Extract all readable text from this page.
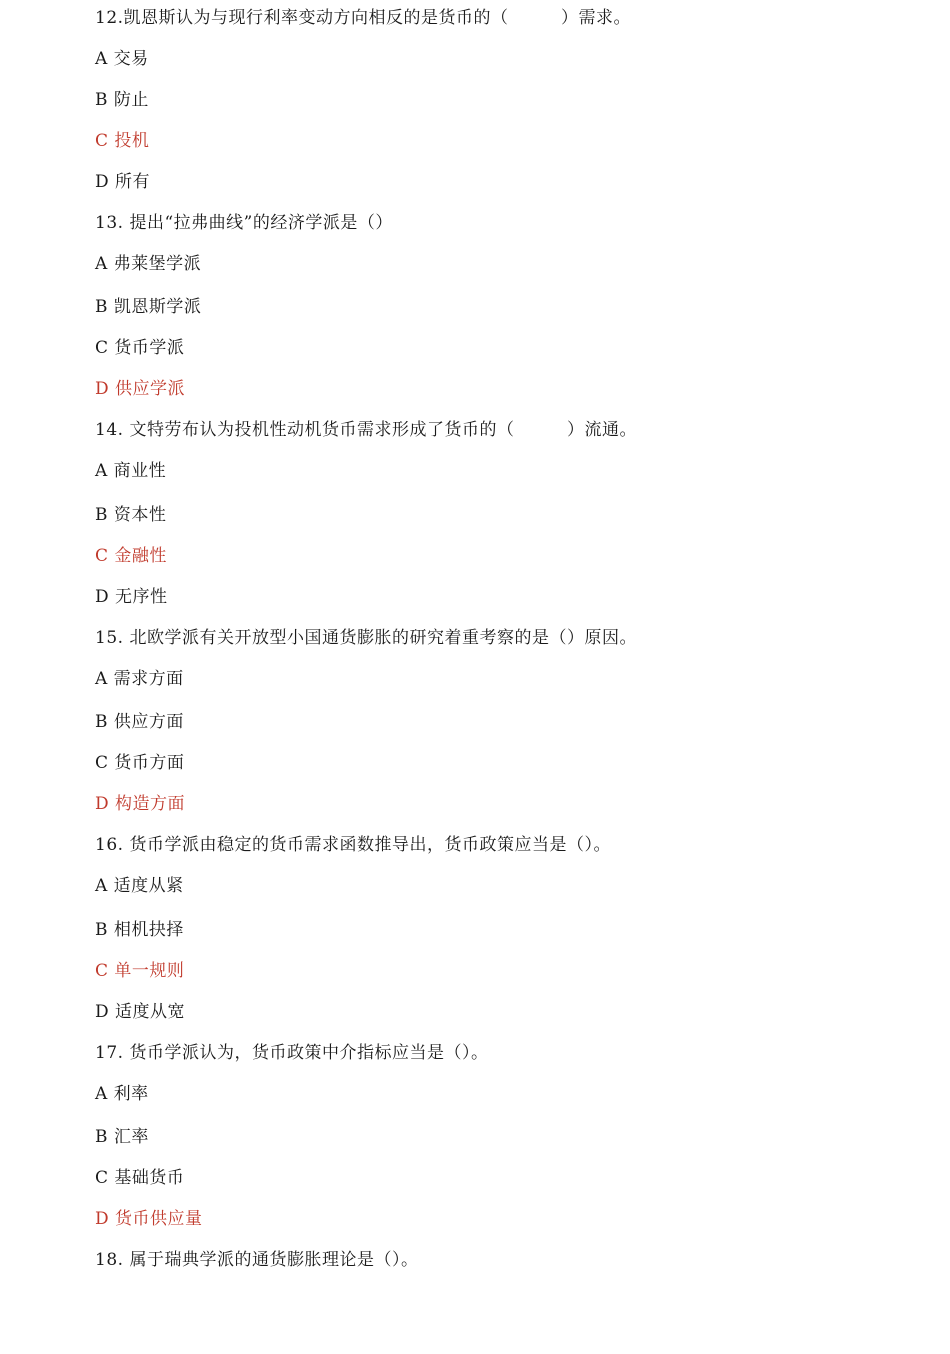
12.凯恩斯认为与现行利率变动方向相反的是货币的（　　　）需求。
A 交易
B 防止
C 投机
D 所有
13. 提出“拉弗曲线”的经济学派是（）
A 弗莱堡学派
B 凯恩斯学派
C 货币学派
D 供应学派
14. 文特劳布认为投机性动机货币需求形成了货币的（　　　）流通。
A 商业性
B 资本性
C 金融性
D 无序性
15. 北欧学派有关开放型小国通货膨胀的研究着重考察的是（）原因。
A 需求方面
B 供应方面
C 货币方面
D 构造方面
16. 货币学派由稳定的货币需求函数推导出，货币政策应当是（）。
A 适度从紧
B 相机抉择
C 单一规则
D 适度从宽
17. 货币学派认为，货币政策中介指标应当是（）。
A 利率
B 汇率
C 基础货币
D 货币供应量
18. 属于瑞典学派的通货膨胀理论是（）。
